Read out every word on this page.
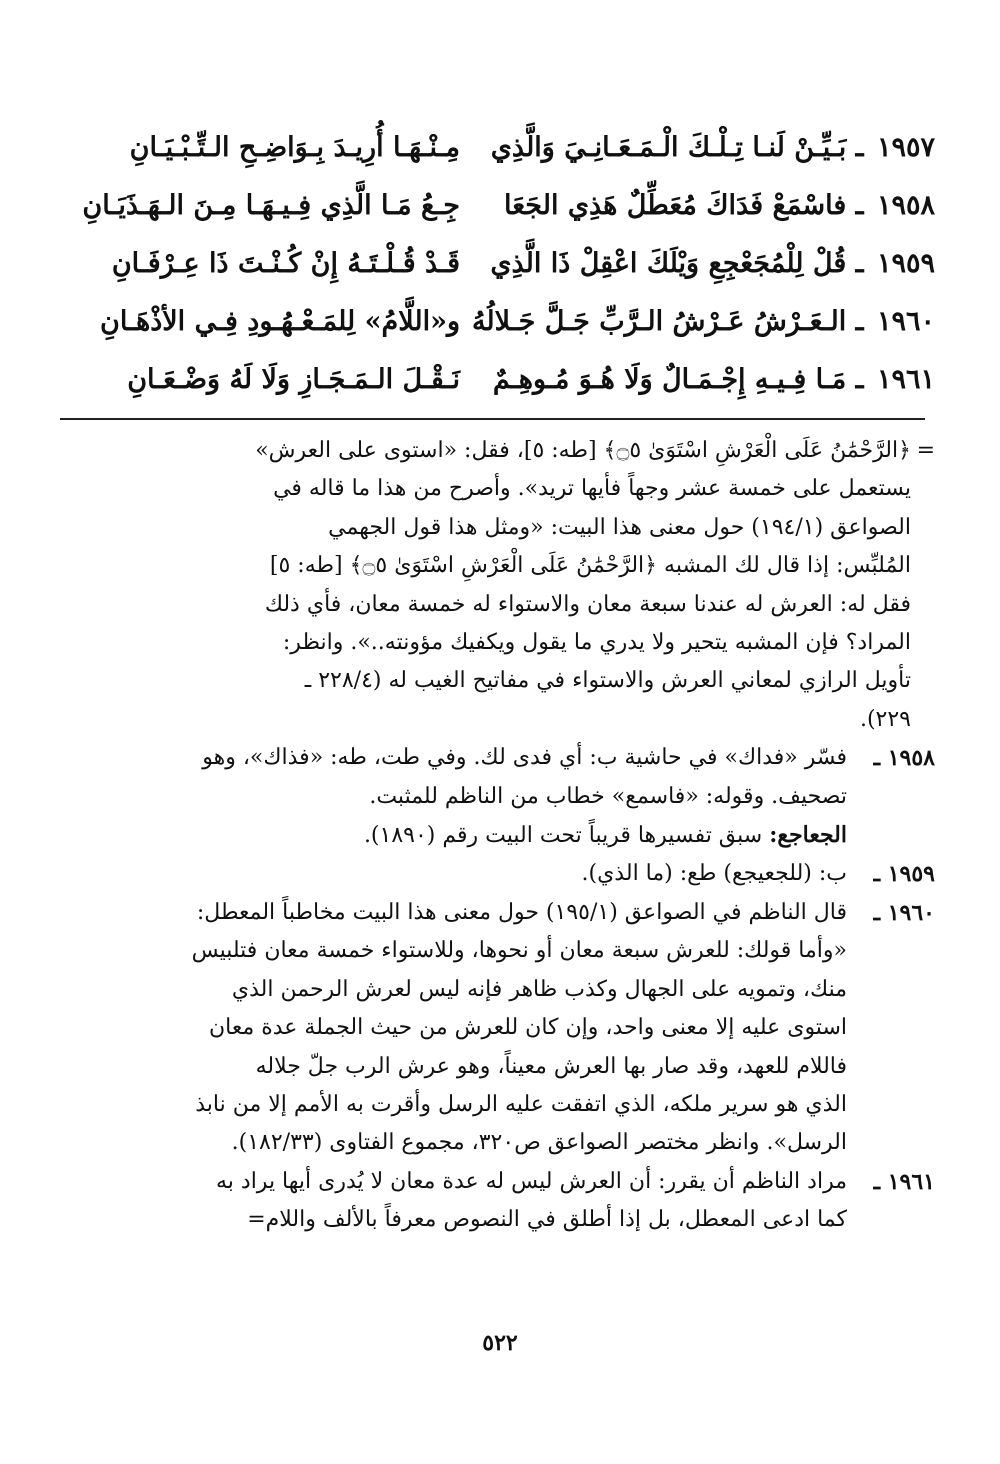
١٩٥٧
ـ
بَـيِّـنْ لَنـا تِـلْـكَ الْـمَـعَـانِـيَ وَالَّذِي
مِـنْـهَـا أُرِيـدَ بِـوَاضِـحِ الـتِّـبْـيَـانِ
١٩٥٨
ـ
فاسْمَعْ فَدَاكَ مُعَطِّلٌ هَذِي الجَعَا
جِـعُ مَـا الَّذِي فِـيـهَـا مِـنَ الـهَـذَيَـانِ
١٩٥٩
ـ
قُلْ لِلْمُجَعْجِعِ وَيْلَكَ اعْقِلْ ذَا الَّذِي
قَـدْ قُـلْـتَـهُ إِنْ كُـنْـتَ ذَا عِـرْفَـانِ
١٩٦٠
ـ
الـعَـرْشُ عَـرْشُ الـرَّبِّ جَـلَّ جَـلالُهُ
و«اللَّامُ» لِلمَـعْـهُـودِ فِـي الأذْهَـانِ
١٩٦١
ـ
مَـا فِـيـهِ إِجْـمَـالٌ وَلَا هُـوَ مُـوهِـمٌ
نَـقْـلَ الـمَـجَـازِ وَلَا لَهُ وَضْـعَـانِ
=
﴿الرَّحْمَٰنُ عَلَى الْعَرْشِ اسْتَوَىٰ ۝٥﴾ [طه: ٥]، فقل: «استوى على العرش»
يستعمل على خمسة عشر وجهاً فأيها تريد». وأصرح من هذا ما قاله في
الصواعق (١٩٤/١) حول معنى هذا البيت: «ومثل هذا قول الجهمي
المُلبِّس: إذا قال لك المشبه ﴿الرَّحْمَٰنُ عَلَى الْعَرْشِ اسْتَوَىٰ ۝٥﴾ [طه: ٥]
فقل له: العرش له عندنا سبعة معان والاستواء له خمسة معان، فأي ذلك
المراد؟ فإن المشبه يتحير ولا يدري ما يقول ويكفيك مؤونته..». وانظر:
تأويل الرازي لمعاني العرش والاستواء في مفاتيح الغيب له (٢٢٨/٤ ـ
٢٢٩).
١٩٥٨ ـ
فسّر «فداك» في حاشية ب: أي فدى لك. وفي طت، طه: «فذاك»، وهو
تصحيف. وقوله: «فاسمع» خطاب من الناظم للمثبت.
الجعاجع: سبق تفسيرها قريباً تحت البيت رقم (١٨٩٠).
١٩٥٩ ـ
ب: (للجعيجع) طع: (ما الذي).
١٩٦٠ ـ
قال الناظم في الصواعق (١٩٥/١) حول معنى هذا البيت مخاطباً المعطل:
«وأما قولك: للعرش سبعة معان أو نحوها، وللاستواء خمسة معان فتلبيس
منك، وتمويه على الجهال وكذب ظاهر فإنه ليس لعرش الرحمن الذي
استوى عليه إلا معنى واحد، وإن كان للعرش من حيث الجملة عدة معان
فاللام للعهد، وقد صار بها العرش معيناً، وهو عرش الرب جلّ جلاله
الذي هو سرير ملكه، الذي اتفقت عليه الرسل وأقرت به الأمم إلا من نابذ
الرسل». وانظر مختصر الصواعق ص٣٢٠، مجموع الفتاوى (١٨٢/٣٣).
١٩٦١ ـ
مراد الناظم أن يقرر: أن العرش ليس له عدة معان لا يُدرى أيها يراد به
كما ادعى المعطل، بل إذا أطلق في النصوص معرفاً بالألف واللام=
٥٢٢
